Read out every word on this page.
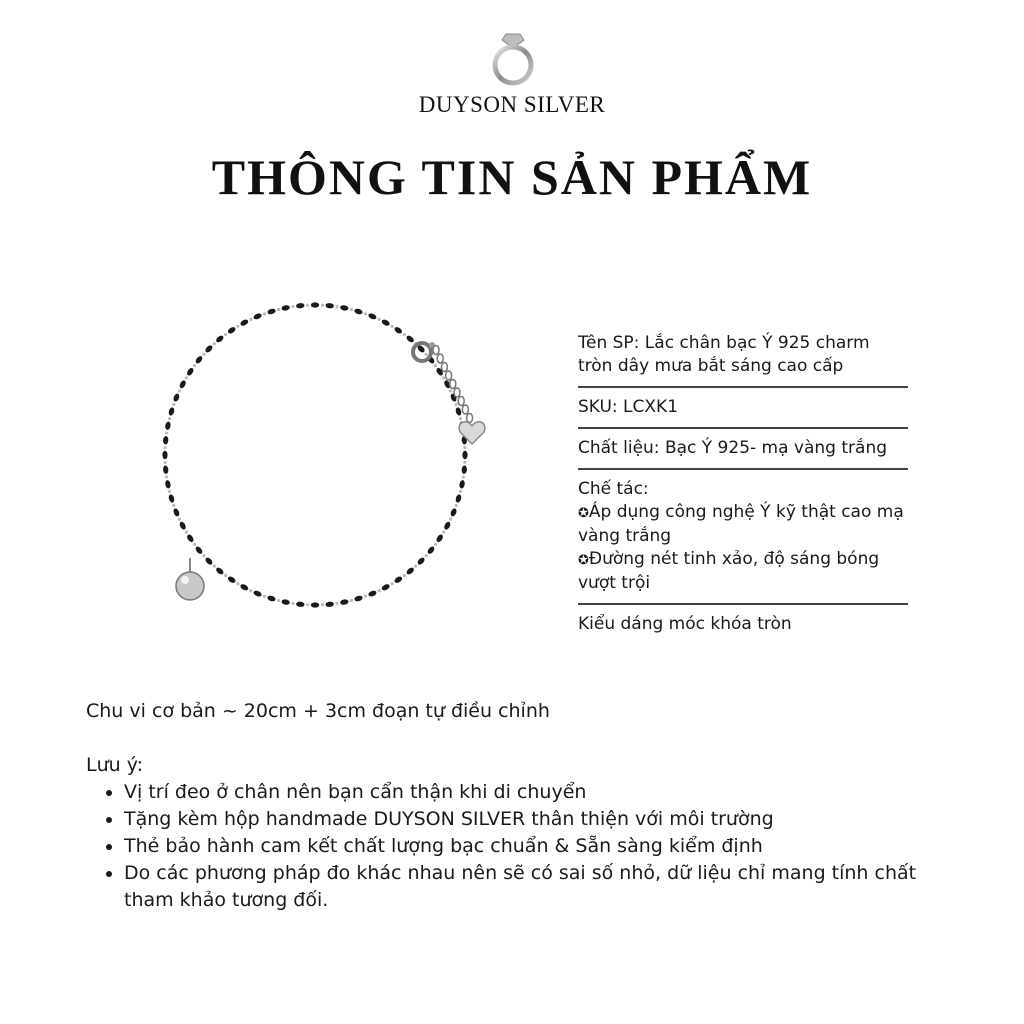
DUYSON SILVER
THÔNG TIN SẢN PHẨM
Tên SP: Lắc chân bạc Ý 925 charm tròn dây mưa bắt sáng cao cấp
SKU: LCXK1
Chất liệu: Bạc Ý 925- mạ vàng trắng
Chế tác:
✪Áp dụng công nghệ Ý kỹ thật cao mạ vàng trắng
✪Đường nét tinh xảo, độ sáng bóng vượt trội
Kiểu dáng móc khóa tròn
Chu vi cơ bản ~ 20cm + 3cm đoạn tự điều chỉnh
Lưu ý:
• Vị trí đeo ở chân nên bạn cẩn thận khi di chuyển
• Tặng kèm hộp handmade DUYSON SILVER thân thiện với môi trường
• Thẻ bảo hành cam kết chất lượng bạc chuẩn & Sẵn sàng kiểm định
• Do các phương pháp đo khác nhau nên sẽ có sai số nhỏ, dữ liệu chỉ mang tính chất tham khảo tương đối.
